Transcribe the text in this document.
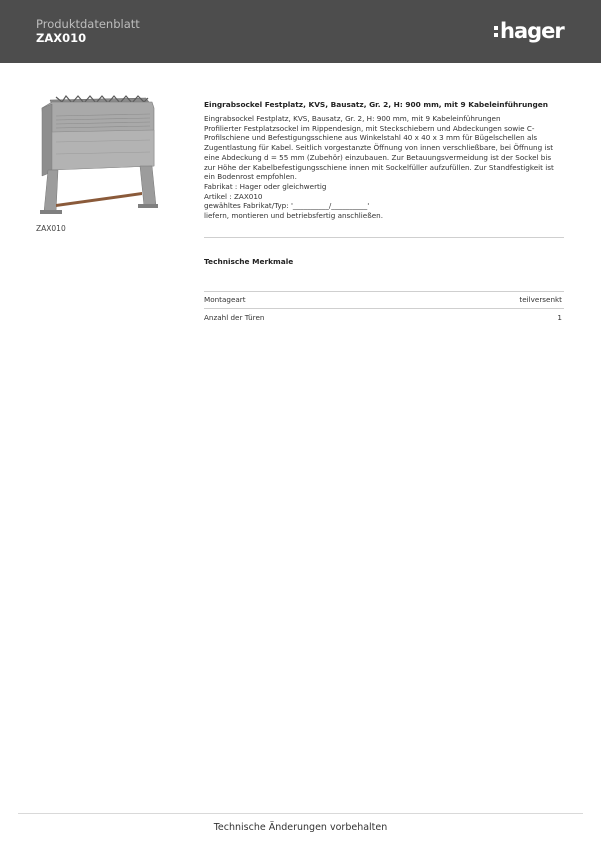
Produktdatenblatt
ZAX010	hager
ZAX010
Eingrabsockel Festplatz, KVS, Bausatz, Gr. 2, H: 900 mm, mit 9 Kabeleinführungen
Eingrabsockel Festplatz, KVS, Bausatz, Gr. 2, H: 900 mm, mit 9 Kabeleinführungen
Profilierter Festplatzsockel im Rippendesign, mit Steckschiebern und Abdeckungen sowie C-
Profilschiene und Befestigungsschiene aus Winkelstahl 40 x 40 x 3 mm für Bügelschellen als
Zugentlastung für Kabel. Seitlich vorgestanzte Öffnung von innen verschließbare, bei Öffnung ist
eine Abdeckung d = 55 mm (Zubehör) einzubauen. Zur Betauungsvermeidung ist der Sockel bis
zur Höhe der Kabelbefestigungsschiene innen mit Sockelfüller aufzufüllen. Zur Standfestigkeit ist
ein Bodenrost empfohlen.
Fabrikat : Hager oder gleichwertig
Artikel : ZAX010
gewähltes Fabrikat/Typ: '__________/__________'
liefern, montieren und betriebsfertig anschließen.
Technische Merkmale
Montageart	teilversenkt
Anzahl der Türen	1
Technische Änderungen vorbehalten
